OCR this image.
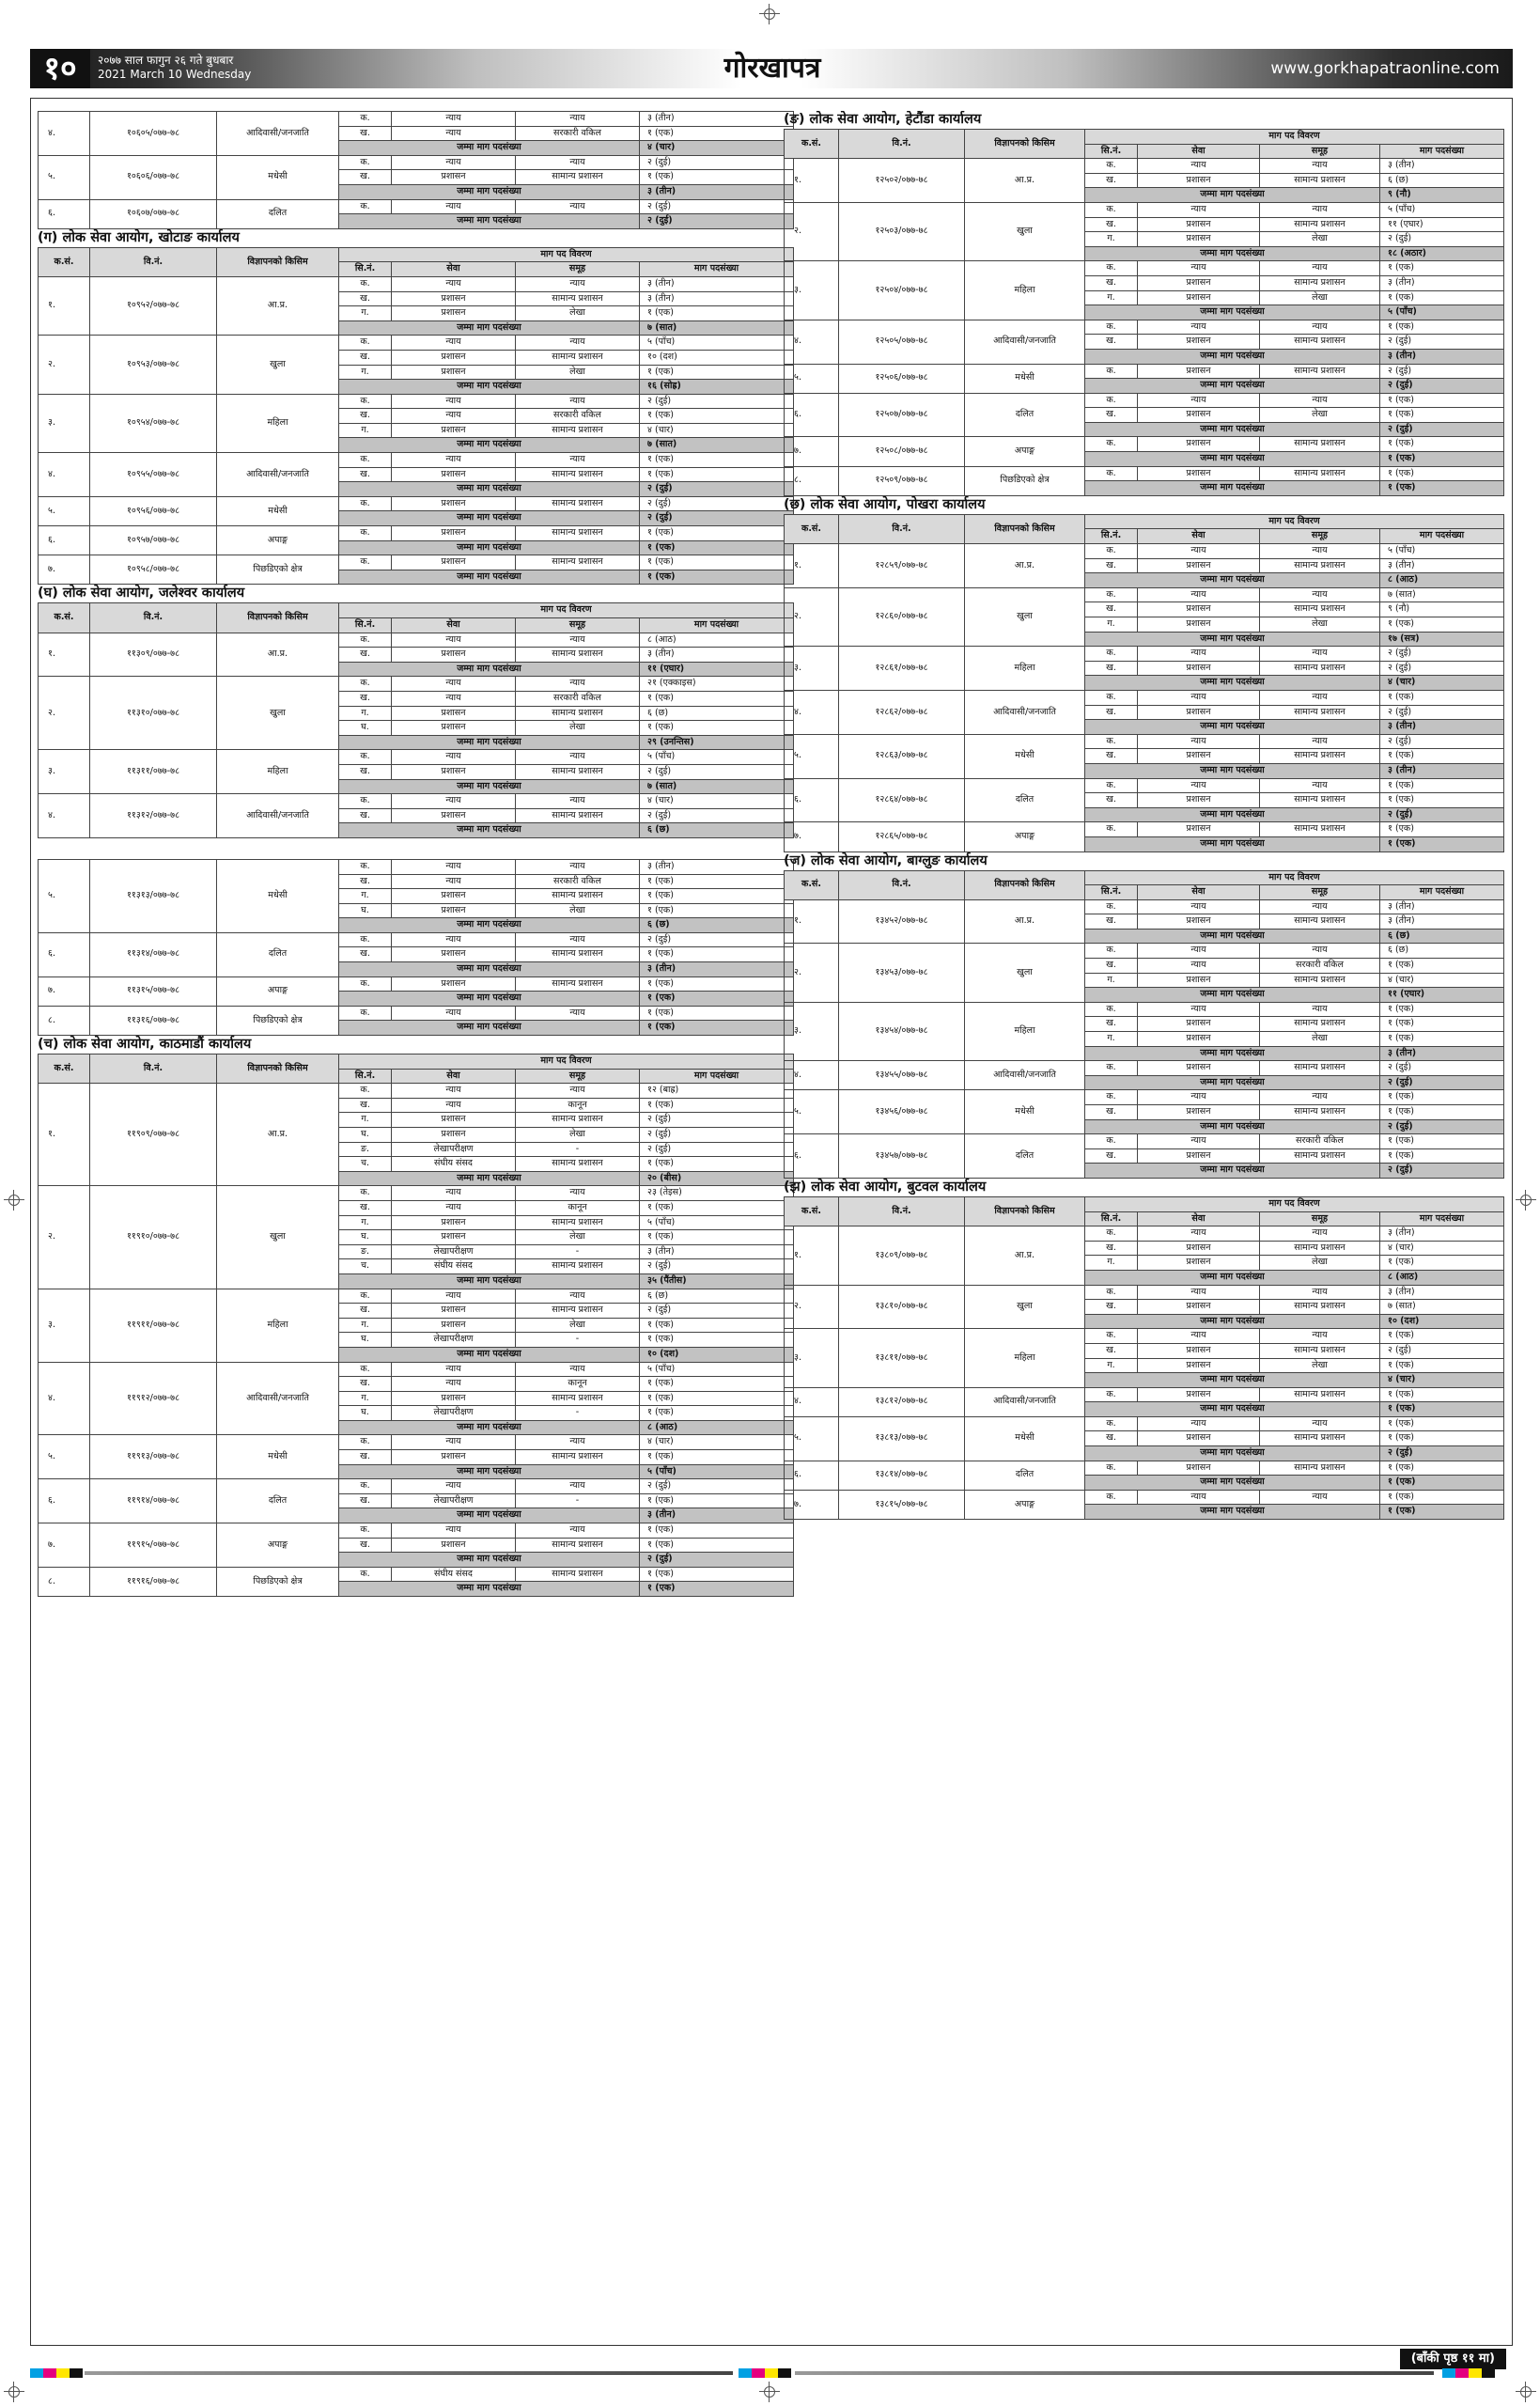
१०	२०७७ साल फागुन २६ गते बुधबार
2021 March 10 Wednesday	गोरखापत्र	www.gorkhapatraonline.com
४.	१०६०५/०७७-७८	आदिवासी/जनजाति	क.	न्याय	न्याय	३ (तीन)
			ख.	न्याय	सरकारी वकिल	१ (एक)
			जम्मा माग पदसंख्या			४ (चार)
५.	१०६०६/०७७-७८	मधेसी	क.	न्याय	न्याय	२ (दुई)
			ख.	प्रशासन	सामान्य प्रशासन	१ (एक)
			जम्मा माग पदसंख्या			३ (तीन)
६.	१०६०७/०७७-७८	दलित	क.	न्याय	न्याय	२ (दुई)
			जम्मा माग पदसंख्या			२ (दुई)
(ग) लोक सेवा आयोग, खोटाङ कार्यालय
क.सं.	वि.नं.	विज्ञापनको किसिम	माग पद विवरण			
			सि.नं.	सेवा	समूह	माग पदसंख्या
१.	१०९५२/०७७-७८	आ.प्र.	क.	न्याय	न्याय	३ (तीन)
			ख.	प्रशासन	सामान्य प्रशासन	३ (तीन)
			ग.	प्रशासन	लेखा	१ (एक)
			जम्मा माग पदसंख्या			७ (सात)
२.	१०९५३/०७७-७८	खुला	क.	न्याय	न्याय	५ (पाँच)
			ख.	प्रशासन	सामान्य प्रशासन	१० (दश)
			ग.	प्रशासन	लेखा	१ (एक)
			जम्मा माग पदसंख्या			१६ (सोह्र)
३.	१०९५४/०७७-७८	महिला	क.	न्याय	न्याय	२ (दुई)
			ख.	न्याय	सरकारी वकिल	१ (एक)
			ग.	प्रशासन	सामान्य प्रशासन	४ (चार)
			जम्मा माग पदसंख्या			७ (सात)
४.	१०९५५/०७७-७८	आदिवासी/जनजाति	क.	न्याय	न्याय	१ (एक)
			ख.	प्रशासन	सामान्य प्रशासन	१ (एक)
			जम्मा माग पदसंख्या			२ (दुई)
५.	१०९५६/०७७-७८	मधेसी	क.	प्रशासन	सामान्य प्रशासन	२ (दुई)
			जम्मा माग पदसंख्या			२ (दुई)
६.	१०९५७/०७७-७८	अपाङ्ग	क.	प्रशासन	सामान्य प्रशासन	१ (एक)
			जम्मा माग पदसंख्या			१ (एक)
७.	१०९५८/०७७-७८	पिछडिएको क्षेत्र	क.	प्रशासन	सामान्य प्रशासन	१ (एक)
			जम्मा माग पदसंख्या			१ (एक)
(घ) लोक सेवा आयोग, जलेश्वर कार्यालय
क.सं.	वि.नं.	विज्ञापनको किसिम	माग पद विवरण			
			सि.नं.	सेवा	समूह	माग पदसंख्या
१.	११३०९/०७७-७८	आ.प्र.	क.	न्याय	न्याय	८ (आठ)
			ख.	प्रशासन	सामान्य प्रशासन	३ (तीन)
			जम्मा माग पदसंख्या			११ (एघार)
२.	११३१०/०७७-७८	खुला	क.	न्याय	न्याय	२१ (एक्काइस)
			ख.	न्याय	सरकारी वकिल	१ (एक)
			ग.	प्रशासन	सामान्य प्रशासन	६ (छ)
			घ.	प्रशासन	लेखा	१ (एक)
			जम्मा माग पदसंख्या			२९ (उनन्तिस)
३.	११३११/०७७-७८	महिला	क.	न्याय	न्याय	५ (पाँच)
			ख.	प्रशासन	सामान्य प्रशासन	२ (दुई)
			जम्मा माग पदसंख्या			७ (सात)
४.	११३१२/०७७-७८	आदिवासी/जनजाति	क.	न्याय	न्याय	४ (चार)
			ख.	प्रशासन	सामान्य प्रशासन	२ (दुई)
			जम्मा माग पदसंख्या			६ (छ)
५.	११३१३/०७७-७८	मधेसी	क.	न्याय	न्याय	३ (तीन)
			ख.	न्याय	सरकारी वकिल	१ (एक)
			ग.	प्रशासन	सामान्य प्रशासन	१ (एक)
			घ.	प्रशासन	लेखा	१ (एक)
			जम्मा माग पदसंख्या			६ (छ)
६.	११३१४/०७७-७८	दलित	क.	न्याय	न्याय	२ (दुई)
			ख.	प्रशासन	सामान्य प्रशासन	१ (एक)
			जम्मा माग पदसंख्या			३ (तीन)
७.	११३१५/०७७-७८	अपाङ्ग	क.	प्रशासन	सामान्य प्रशासन	१ (एक)
			जम्मा माग पदसंख्या			१ (एक)
८.	११३१६/०७७-७८	पिछडिएको क्षेत्र	क.	न्याय	न्याय	१ (एक)
			जम्मा माग पदसंख्या			१ (एक)
(च) लोक सेवा आयोग, काठमाडौं कार्यालय
क.सं.	वि.नं.	विज्ञापनको किसिम	माग पद विवरण			
			सि.नं.	सेवा	समूह	माग पदसंख्या
१.	११९०९/०७७-७८	आ.प्र.	क.	न्याय	न्याय	१२ (बाह्र)
			ख.	न्याय	कानून	१ (एक)
			ग.	प्रशासन	सामान्य प्रशासन	२ (दुई)
			घ.	प्रशासन	लेखा	२ (दुई)
			ङ.	लेखापरीक्षण	-	२ (दुई)
			च.	संघीय संसद	सामान्य प्रशासन	१ (एक)
			जम्मा माग पदसंख्या			२० (बीस)
२.	११९१०/०७७-७८	खुला	क.	न्याय	न्याय	२३ (तेइस)
			ख.	न्याय	कानून	१ (एक)
			ग.	प्रशासन	सामान्य प्रशासन	५ (पाँच)
			घ.	प्रशासन	लेखा	१ (एक)
			ङ.	लेखापरीक्षण	-	३ (तीन)
			च.	संघीय संसद	सामान्य प्रशासन	२ (दुई)
			जम्मा माग पदसंख्या			३५ (पैंतीस)
३.	११९११/०७७-७८	महिला	क.	न्याय	न्याय	६ (छ)
			ख.	प्रशासन	सामान्य प्रशासन	२ (दुई)
			ग.	प्रशासन	लेखा	१ (एक)
			घ.	लेखापरीक्षण	-	१ (एक)
			जम्मा माग पदसंख्या			१० (दश)
४.	११९१२/०७७-७८	आदिवासी/जनजाति	क.	न्याय	न्याय	५ (पाँच)
			ख.	न्याय	कानून	१ (एक)
			ग.	प्रशासन	सामान्य प्रशासन	१ (एक)
			घ.	लेखापरीक्षण	-	१ (एक)
			जम्मा माग पदसंख्या			८ (आठ)
५.	११९१३/०७७-७८	मधेसी	क.	न्याय	न्याय	४ (चार)
			ख.	प्रशासन	सामान्य प्रशासन	१ (एक)
			जम्मा माग पदसंख्या			५ (पाँच)
६.	११९१४/०७७-७८	दलित	क.	न्याय	न्याय	२ (दुई)
			ख.	लेखापरीक्षण	-	१ (एक)
			जम्मा माग पदसंख्या			३ (तीन)
७.	११९१५/०७७-७८	अपाङ्ग	क.	न्याय	न्याय	१ (एक)
			ख.	प्रशासन	सामान्य प्रशासन	१ (एक)
			जम्मा माग पदसंख्या			२ (दुई)
८.	११९१६/०७७-७८	पिछडिएको क्षेत्र	क.	संघीय संसद	सामान्य प्रशासन	१ (एक)
			जम्मा माग पदसंख्या			१ (एक)
(ङ) लोक सेवा आयोग, हेटौंडा कार्यालय
क.सं.	वि.नं.	विज्ञापनको किसिम	माग पद विवरण			
			सि.नं.	सेवा	समूह	माग पदसंख्या
१.	१२५०२/०७७-७८	आ.प्र.	क.	न्याय	न्याय	३ (तीन)
			ख.	प्रशासन	सामान्य प्रशासन	६ (छ)
			जम्मा माग पदसंख्या			९ (नौ)
२.	१२५०३/०७७-७८	खुला	क.	न्याय	न्याय	५ (पाँच)
			ख.	प्रशासन	सामान्य प्रशासन	११ (एघार)
			ग.	प्रशासन	लेखा	२ (दुई)
			जम्मा माग पदसंख्या			१८ (अठार)
३.	१२५०४/०७७-७८	महिला	क.	न्याय	न्याय	१ (एक)
			ख.	प्रशासन	सामान्य प्रशासन	३ (तीन)
			ग.	प्रशासन	लेखा	१ (एक)
			जम्मा माग पदसंख्या			५ (पाँच)
४.	१२५०५/०७७-७८	आदिवासी/जनजाति	क.	न्याय	न्याय	१ (एक)
			ख.	प्रशासन	सामान्य प्रशासन	२ (दुई)
			जम्मा माग पदसंख्या			३ (तीन)
५.	१२५०६/०७७-७८	मधेसी	क.	प्रशासन	सामान्य प्रशासन	२ (दुई)
			जम्मा माग पदसंख्या			२ (दुई)
६.	१२५०७/०७७-७८	दलित	क.	न्याय	न्याय	१ (एक)
			ख.	प्रशासन	लेखा	१ (एक)
			जम्मा माग पदसंख्या			२ (दुई)
७.	१२५०८/०७७-७८	अपाङ्ग	क.	प्रशासन	सामान्य प्रशासन	१ (एक)
			जम्मा माग पदसंख्या			१ (एक)
८.	१२५०९/०७७-७८	पिछडिएको क्षेत्र	क.	प्रशासन	सामान्य प्रशासन	१ (एक)
			जम्मा माग पदसंख्या			१ (एक)
(छ) लोक सेवा आयोग, पोखरा कार्यालय
क.सं.	वि.नं.	विज्ञापनको किसिम	माग पद विवरण			
			सि.नं.	सेवा	समूह	माग पदसंख्या
१.	१२८५९/०७७-७८	आ.प्र.	क.	न्याय	न्याय	५ (पाँच)
			ख.	प्रशासन	सामान्य प्रशासन	३ (तीन)
			जम्मा माग पदसंख्या			८ (आठ)
२.	१२८६०/०७७-७८	खुला	क.	न्याय	न्याय	७ (सात)
			ख.	प्रशासन	सामान्य प्रशासन	९ (नौ)
			ग.	प्रशासन	लेखा	१ (एक)
			जम्मा माग पदसंख्या			१७ (सत्र)
३.	१२८६१/०७७-७८	महिला	क.	न्याय	न्याय	२ (दुई)
			ख.	प्रशासन	सामान्य प्रशासन	२ (दुई)
			जम्मा माग पदसंख्या			४ (चार)
४.	१२८६२/०७७-७८	आदिवासी/जनजाति	क.	न्याय	न्याय	१ (एक)
			ख.	प्रशासन	सामान्य प्रशासन	२ (दुई)
			जम्मा माग पदसंख्या			३ (तीन)
५.	१२८६३/०७७-७८	मधेसी	क.	न्याय	न्याय	२ (दुई)
			ख.	प्रशासन	सामान्य प्रशासन	१ (एक)
			जम्मा माग पदसंख्या			३ (तीन)
६.	१२८६४/०७७-७८	दलित	क.	न्याय	न्याय	१ (एक)
			ख.	प्रशासन	सामान्य प्रशासन	१ (एक)
			जम्मा माग पदसंख्या			२ (दुई)
७.	१२८६५/०७७-७८	अपाङ्ग	क.	प्रशासन	सामान्य प्रशासन	१ (एक)
			जम्मा माग पदसंख्या			१ (एक)
(ज) लोक सेवा आयोग, बाग्लुङ कार्यालय
क.सं.	वि.नं.	विज्ञापनको किसिम	माग पद विवरण			
			सि.नं.	सेवा	समूह	माग पदसंख्या
१.	१३४५२/०७७-७८	आ.प्र.	क.	न्याय	न्याय	३ (तीन)
			ख.	प्रशासन	सामान्य प्रशासन	३ (तीन)
			जम्मा माग पदसंख्या			६ (छ)
२.	१३४५३/०७७-७८	खुला	क.	न्याय	न्याय	६ (छ)
			ख.	न्याय	सरकारी वकिल	१ (एक)
			ग.	प्रशासन	सामान्य प्रशासन	४ (चार)
			जम्मा माग पदसंख्या			११ (एघार)
३.	१३४५४/०७७-७८	महिला	क.	न्याय	न्याय	१ (एक)
			ख.	प्रशासन	सामान्य प्रशासन	१ (एक)
			ग.	प्रशासन	लेखा	१ (एक)
			जम्मा माग पदसंख्या			३ (तीन)
४.	१३४५५/०७७-७८	आदिवासी/जनजाति	क.	प्रशासन	सामान्य प्रशासन	२ (दुई)
			जम्मा माग पदसंख्या			२ (दुई)
५.	१३४५६/०७७-७८	मधेसी	क.	न्याय	न्याय	१ (एक)
			ख.	प्रशासन	सामान्य प्रशासन	१ (एक)
			जम्मा माग पदसंख्या			२ (दुई)
६.	१३४५७/०७७-७८	दलित	क.	न्याय	सरकारी वकिल	१ (एक)
			ख.	प्रशासन	सामान्य प्रशासन	१ (एक)
			जम्मा माग पदसंख्या			२ (दुई)
(झ) लोक सेवा आयोग, बुटवल कार्यालय
क.सं.	वि.नं.	विज्ञापनको किसिम	माग पद विवरण			
			सि.नं.	सेवा	समूह	माग पदसंख्या
१.	१३८०९/०७७-७८	आ.प्र.	क.	न्याय	न्याय	३ (तीन)
			ख.	प्रशासन	सामान्य प्रशासन	४ (चार)
			ग.	प्रशासन	लेखा	१ (एक)
			जम्मा माग पदसंख्या			८ (आठ)
२.	१३८१०/०७७-७८	खुला	क.	न्याय	न्याय	३ (तीन)
			ख.	प्रशासन	सामान्य प्रशासन	७ (सात)
			जम्मा माग पदसंख्या			१० (दश)
३.	१३८११/०७७-७८	महिला	क.	न्याय	न्याय	१ (एक)
			ख.	प्रशासन	सामान्य प्रशासन	२ (दुई)
			ग.	प्रशासन	लेखा	१ (एक)
			जम्मा माग पदसंख्या			४ (चार)
४.	१३८१२/०७७-७८	आदिवासी/जनजाति	क.	प्रशासन	सामान्य प्रशासन	१ (एक)
			जम्मा माग पदसंख्या			१ (एक)
५.	१३८१३/०७७-७८	मधेसी	क.	न्याय	न्याय	१ (एक)
			ख.	प्रशासन	सामान्य प्रशासन	१ (एक)
			जम्मा माग पदसंख्या			२ (दुई)
६.	१३८१४/०७७-७८	दलित	क.	प्रशासन	सामान्य प्रशासन	१ (एक)
			जम्मा माग पदसंख्या			१ (एक)
७.	१३८१५/०७७-७८	अपाङ्ग	क.	न्याय	न्याय	१ (एक)
			जम्मा माग पदसंख्या			१ (एक)
(बाँकी पृष्ठ ११ मा)
